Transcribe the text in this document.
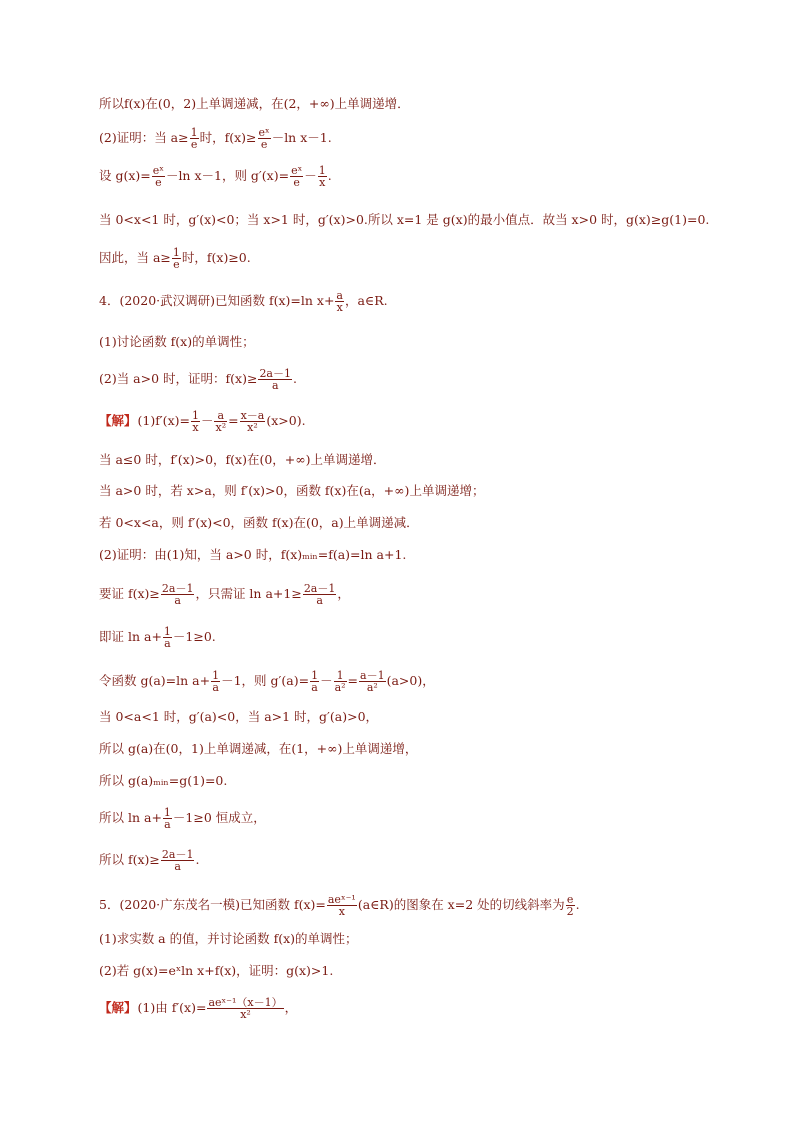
所以f(x)在(0，2)上单调递减，在(2，+∞)上单调递增．
(2)证明：当 $a\ge \frac{1}{e}$ 时，$f(x)\ge \frac{\text{eˣ}}{e} -\ln$ x－1.
设 $g(x)= \frac{\text{eˣ}}{e} -\ln$ x－1，则 $g'(x)= \frac{\text{eˣ}}{e} - \frac{1}{x}$ .
当 0<x<1 时，g′(x)<0；当 x>1 时，g′(x)>0.所以 x=1 是 g(x)的最小值点．故当 x>0 时，g(x)≥g(1)=0.
因此，当 $a\ge \frac{1}{e}$ 时，f(x)≥0.
4．(2020·武汉调研)已知函数 f(x)=ln $x+ \frac{a}{x}$ ，a∈R.
(1)讨论函数 f(x)的单调性；
(2)当 a>0 时，证明：$f(x)\ge \frac{2a-1}{a}$ .
【解】 $(1)f'(x)= \frac{1}{x} - \frac{a}{\text{x²}} = \frac{x-a}{\text{x²}} (x>0)$.
当 a≤0 时，f′(x)>0，f(x)在(0，+∞)上单调递增．
当 a>0 时，若 x>a，则 f′(x)>0，函数 f(x)在(a，+∞)上单调递增；
若 0<x<a，则 f′(x)<0，函数 f(x)在(0，a)上单调递减．
(2)证明：由(1)知，当 a>0 时，f(x)ₘᵢₙ=f(a)=ln a+1.
要证 $f(x)\ge \frac{2a-1}{a}$ ，只需证 $\ln a+1\ge \frac{2a-1}{a}$ ，
即证 $\ln a+ \frac{1}{a} -1\ge 0$.
令函数 g(a)=ln $a+ \frac{1}{a} -1$，则 $g'(a)= \frac{1}{a} - \frac{1}{\text{a²}} = \frac{a-1}{\text{a²}} (a>0)$，
当 0<a<1 时，g′(a)<0，当 a>1 时，g′(a)>0，
所以 g(a)在(0，1)上单调递减，在(1，+∞)上单调递增，
所以 g(a)ₘᵢₙ=g(1)=0.
所以 $\ln a+ \frac{1}{a} -1\ge 0$ 恒成立，
所以 $f(x)\ge \frac{2a-1}{a}$ .
5．(2020·广东茂名一模)已知函数 $f(x)= \frac{\text{aeˣ⁻¹}}{x}$ (a∈R)的图象在 x=2 处的切线斜率为 $\frac{e}{2}$ .
(1)求实数 a 的值，并讨论函数 f(x)的单调性；
(2)若 g(x)=eˣln x+f(x)，证明：g(x)>1.
【解】 (1)由 $f'(x)= \frac{\text{aeˣ⁻¹（x－1）}}{\text{x²}}$ ，
